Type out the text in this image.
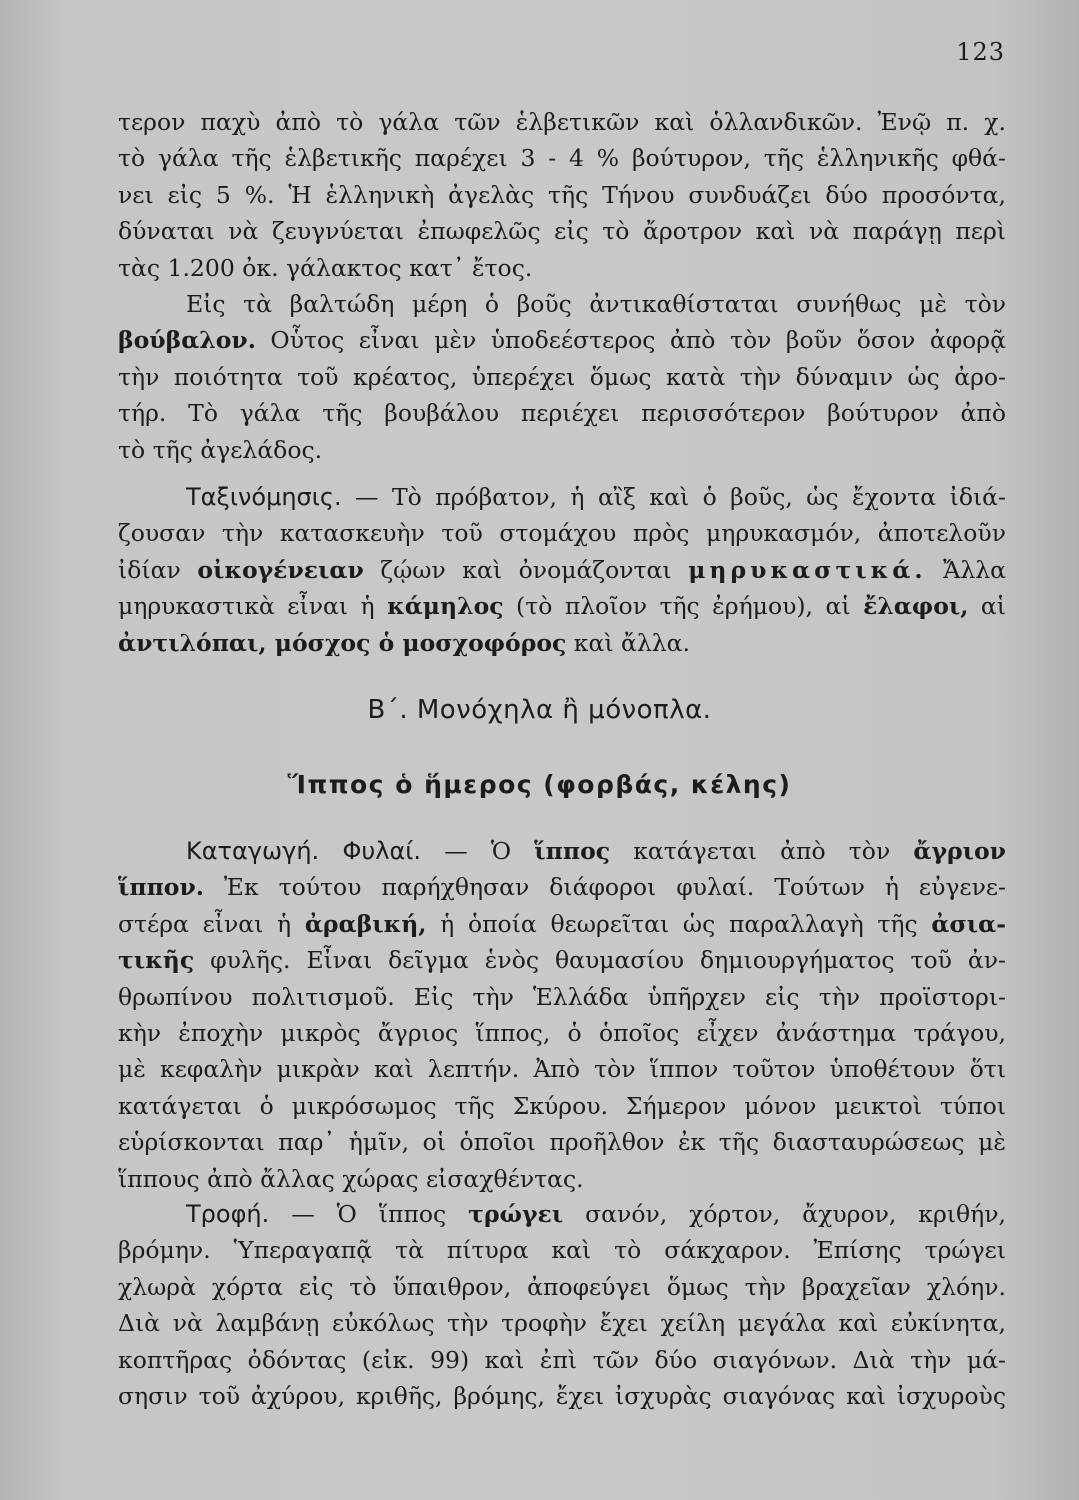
123
τερον παχὺ ἀπὸ τὸ γάλα τῶν ἑλβετικῶν καὶ ὁλλανδικῶν. Ἐνῷ π. χ.
τὸ γάλα τῆς ἑλβετικῆς παρέχει 3 - 4 % βούτυρον, τῆς ἑλληνικῆς φθά-
νει εἰς 5 %. Ἡ ἑλληνικὴ ἀγελὰς τῆς Τήνου συνδυάζει δύο προσόντα,
δύναται νὰ ζευγνύεται ἐπωφελῶς εἰς τὸ ἄροτρον καὶ νὰ παράγῃ περὶ
τὰς 1.200 ὀκ. γάλακτος κατ᾽ ἔτος.
Εἰς τὰ βαλτώδη μέρη ὁ βοῦς ἀντικαθίσταται συνήθως μὲ τὸν
βούβαλον. Οὗτος εἶναι μὲν ὑποδεέστερος ἀπὸ τὸν βοῦν ὅσον ἀφορᾷ
τὴν ποιότητα τοῦ κρέατος, ὑπερέχει ὅμως κατὰ τὴν δύναμιν ὡς ἀρο-
τήρ. Τὸ γάλα τῆς βουβάλου περιέχει περισσότερον βούτυρον ἀπὸ
τὸ τῆς ἀγελάδος.
Ταξινόμησις. — Τὸ πρόβατον, ἡ αἲξ καὶ ὁ βοῦς, ὡς ἔχοντα ἰδιά-
ζουσαν τὴν κατασκευὴν τοῦ στομάχου πρὸς μηρυκασμόν, ἀποτελοῦν
ἰδίαν οἰκογένειαν ζῴων καὶ ὀνομάζονται μηρυκαστικά. Ἄλλα
μηρυκαστικὰ εἶναι ἡ κάμηλος (τὸ πλοῖον τῆς ἐρήμου), αἱ ἔλαφοι, αἱ
ἀντιλόπαι, μόσχος ὁ μοσχοφόρος καὶ ἄλλα.
Β΄. Μονόχηλα ἢ μόνοπλα.
Ἵππος ὁ ἥμερος (φορβάς, κέλης)
Καταγωγή. Φυλαί. — Ὁ ἵππος κατάγεται ἀπὸ τὸν ἄγριον
ἵππον. Ἐκ τούτου παρήχθησαν διάφοροι φυλαί. Τούτων ἡ εὐγενε-
στέρα εἶναι ἡ ἀραβική, ἡ ὁποία θεωρεῖται ὡς παραλλαγὴ τῆς ἀσια-
τικῆς φυλῆς. Εἶναι δεῖγμα ἑνὸς θαυμασίου δημιουργήματος τοῦ ἀν-
θρωπίνου πολιτισμοῦ. Εἰς τὴν Ἑλλάδα ὑπῆρχεν εἰς τὴν προϊστορι-
κὴν ἐποχὴν μικρὸς ἄγριος ἵππος, ὁ ὁποῖος εἶχεν ἀνάστημα τράγου,
μὲ κεφαλὴν μικρὰν καὶ λεπτήν. Ἀπὸ τὸν ἵππον τοῦτον ὑποθέτουν ὅτι
κατάγεται ὁ μικρόσωμος τῆς Σκύρου. Σήμερον μόνον μεικτοὶ τύποι
εὑρίσκονται παρ᾽ ἡμῖν, οἱ ὁποῖοι προῆλθον ἐκ τῆς διασταυρώσεως μὲ
ἵππους ἀπὸ ἄλλας χώρας εἰσαχθέντας.
Τροφή. — Ὁ ἵππος τρώγει σανόν, χόρτον, ἄχυρον, κριθήν,
βρόμην. Ὑπεραγαπᾷ τὰ πίτυρα καὶ τὸ σάκχαρον. Ἐπίσης τρώγει
χλωρὰ χόρτα εἰς τὸ ὕπαιθρον, ἀποφεύγει ὅμως τὴν βραχεῖαν χλόην.
Διὰ νὰ λαμβάνῃ εὐκόλως τὴν τροφὴν ἔχει χείλη μεγάλα καὶ εὐκίνητα,
κοπτῆρας ὀδόντας (εἰκ. 99) καὶ ἐπὶ τῶν δύο σιαγόνων. Διὰ τὴν μά-
σησιν τοῦ ἀχύρου, κριθῆς, βρόμης, ἔχει ἰσχυρὰς σιαγόνας καὶ ἰσχυροὺς
